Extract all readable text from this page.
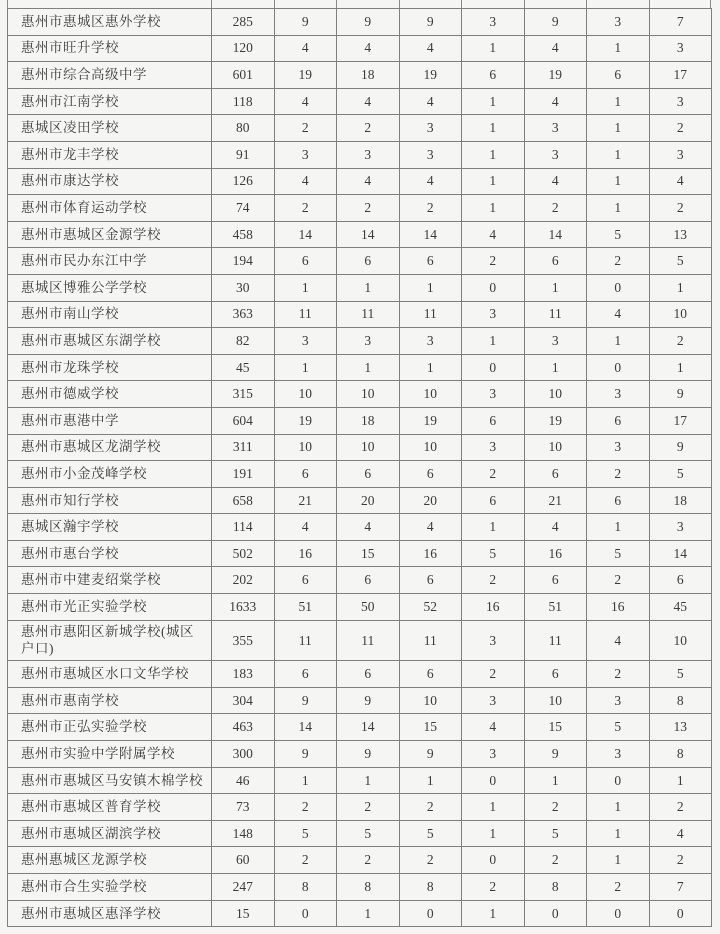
惠州市惠城区惠外学校	285	9	9	9	3	9	3	7
惠州市旺升学校	120	4	4	4	1	4	1	3
惠州市综合高级中学	601	19	18	19	6	19	6	17
惠州市江南学校	118	4	4	4	1	4	1	3
惠城区凌田学校	80	2	2	3	1	3	1	2
惠州市龙丰学校	91	3	3	3	1	3	1	3
惠州市康达学校	126	4	4	4	1	4	1	4
惠州市体育运动学校	74	2	2	2	1	2	1	2
惠州市惠城区金源学校	458	14	14	14	4	14	5	13
惠州市民办东江中学	194	6	6	6	2	6	2	5
惠城区博雅公学学校	30	1	1	1	0	1	0	1
惠州市南山学校	363	11	11	11	3	11	4	10
惠州市惠城区东湖学校	82	3	3	3	1	3	1	2
惠州市龙珠学校	45	1	1	1	0	1	0	1
惠州市德威学校	315	10	10	10	3	10	3	9
惠州市惠港中学	604	19	18	19	6	19	6	17
惠州市惠城区龙湖学校	311	10	10	10	3	10	3	9
惠州市小金茂峰学校	191	6	6	6	2	6	2	5
惠州市知行学校	658	21	20	20	6	21	6	18
惠城区瀚宇学校	114	4	4	4	1	4	1	3
惠州市惠台学校	502	16	15	16	5	16	5	14
惠州市中建麦绍棠学校	202	6	6	6	2	6	2	6
惠州市光正实验学校	1633	51	50	52	16	51	16	45
惠州市惠阳区新城学校(城区户口)	355	11	11	11	3	11	4	10
惠州市惠城区水口文华学校	183	6	6	6	2	6	2	5
惠州市惠南学校	304	9	9	10	3	10	3	8
惠州市正弘实验学校	463	14	14	15	4	15	5	13
惠州市实验中学附属学校	300	9	9	9	3	9	3	8
惠州市惠城区马安镇木棉学校	46	1	1	1	0	1	0	1
惠州市惠城区普育学校	73	2	2	2	1	2	1	2
惠州市惠城区湖滨学校	148	5	5	5	1	5	1	4
惠州惠城区龙源学校	60	2	2	2	0	2	1	2
惠州市合生实验学校	247	8	8	8	2	8	2	7
惠州市惠城区惠泽学校	15	0	1	0	1	0	0	0
